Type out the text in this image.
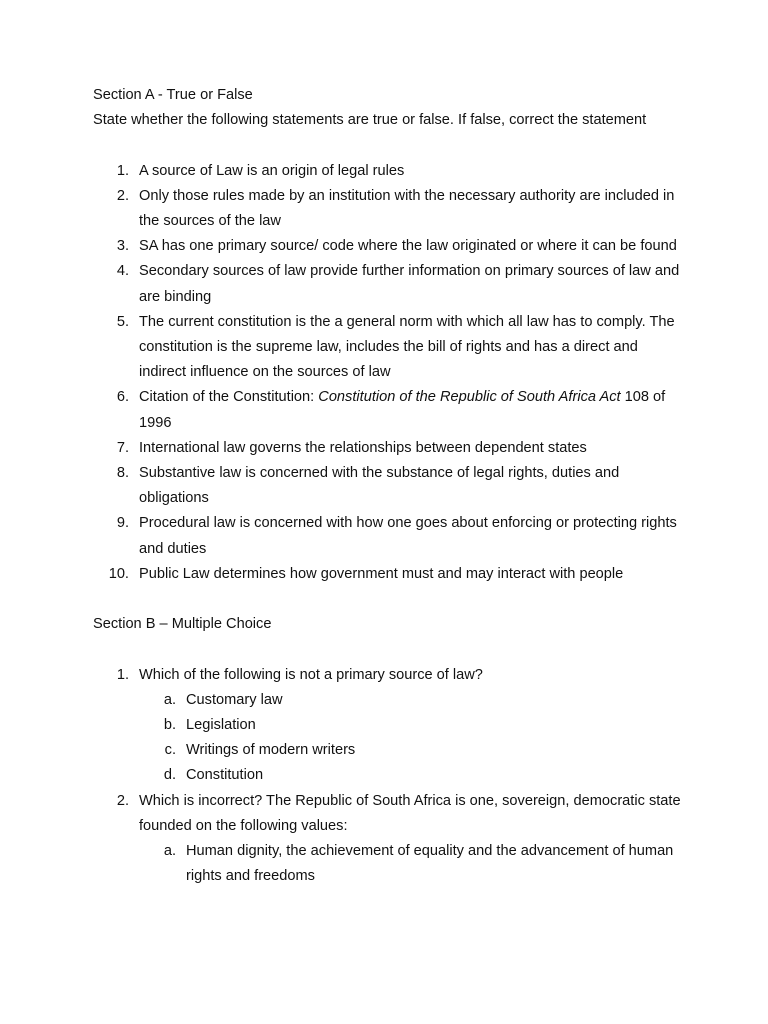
Section A - True or False

State whether the following statements are true or false. If false, correct the statement

1. A source of Law is an origin of legal rules
2. Only those rules made by an institution with the necessary authority are included in the sources of the law
3. SA has one primary source/ code where the law originated or where it can be found
4. Secondary sources of law provide further information on primary sources of law and are binding
5. The current constitution is the a general norm with which all law has to comply. The constitution is the supreme law, includes the bill of rights and has a direct and indirect influence on the sources of law
6. Citation of the Constitution: Constitution of the Republic of South Africa Act 108 of 1996
7. International law governs the relationships between dependent states
8. Substantive law is concerned with the substance of legal rights, duties and obligations
9. Procedural law is concerned with how one goes about enforcing or protecting rights and duties
10. Public Law determines how government must and may interact with people

Section B – Multiple Choice

1. Which of the following is not a primary source of law?
a. Customary law
b. Legislation
c. Writings of modern writers
d. Constitution
2. Which is incorrect? The Republic of South Africa is one, sovereign, democratic state founded on the following values:
a. Human dignity, the achievement of equality and the advancement of human rights and freedoms
